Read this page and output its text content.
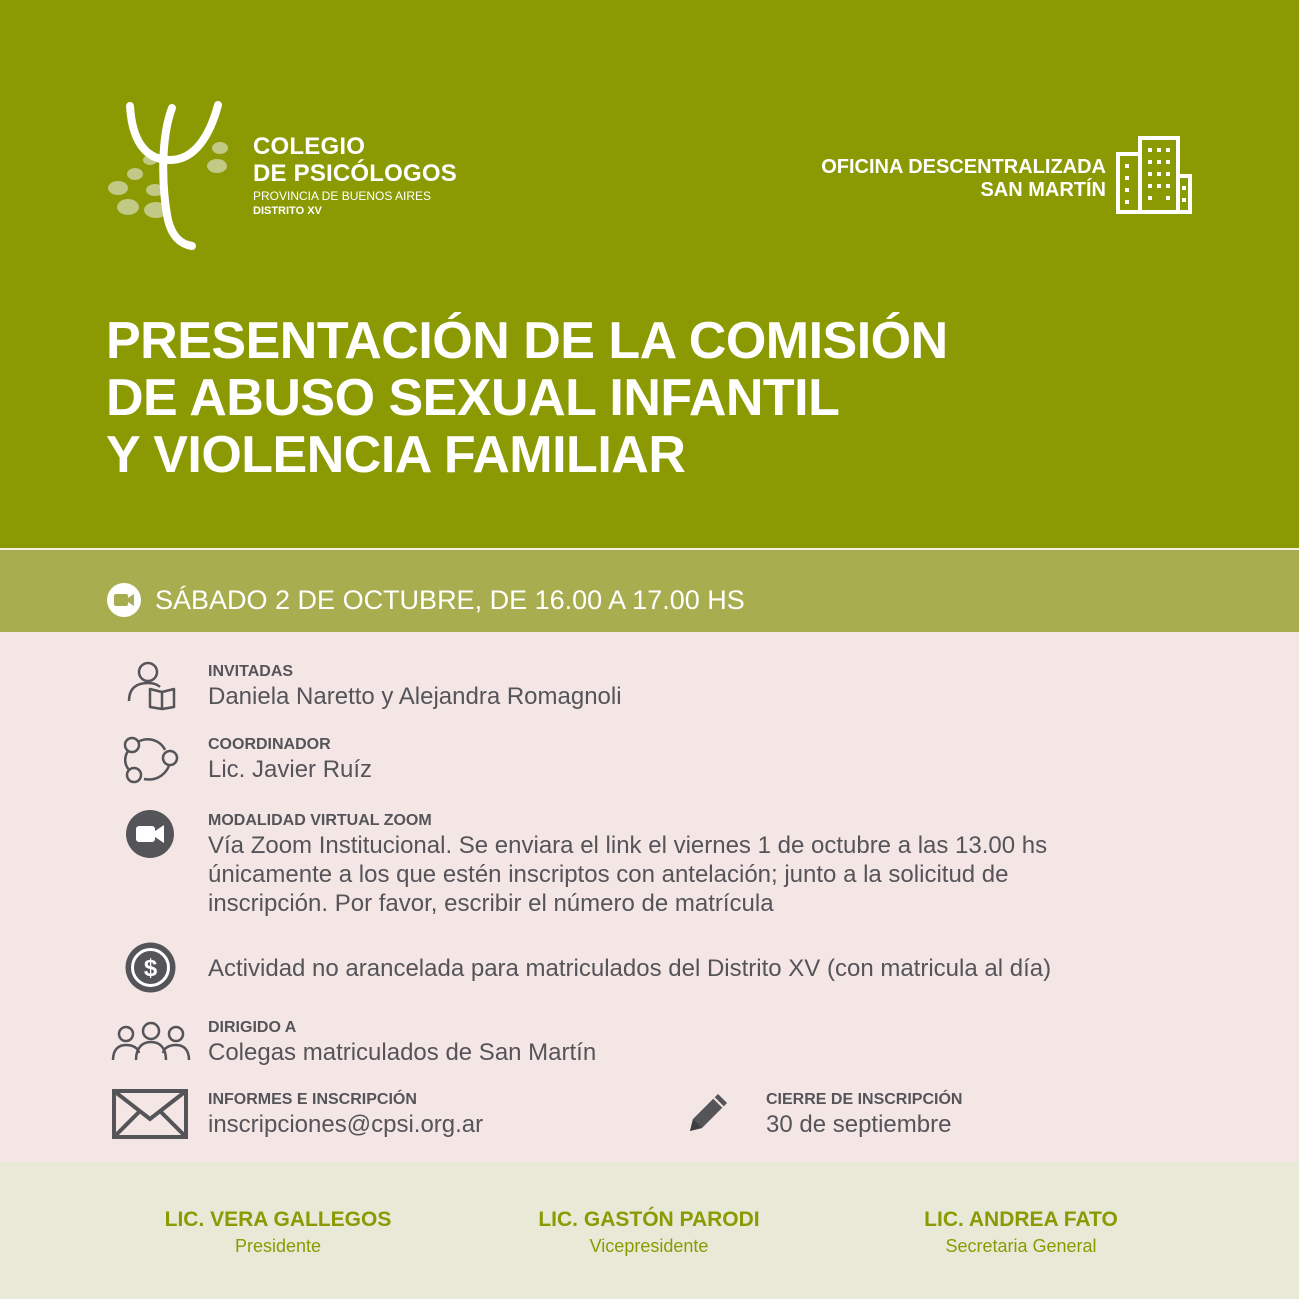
COLEGIO
DE PSICÓLOGOS
PROVINCIA DE BUENOS AIRES
DISTRITO XV
OFICINA DESCENTRALIZADA
SAN MARTÍN
PRESENTACIÓN DE LA COMISIÓN
DE ABUSO SEXUAL INFANTIL
Y VIOLENCIA FAMILIAR
SÁBADO 2 DE OCTUBRE, DE 16.00 A 17.00 HS
INVITADAS
Daniela Naretto y Alejandra Romagnoli
COORDINADOR
Lic. Javier Ruíz
MODALIDAD VIRTUAL ZOOM
Vía Zoom Institucional. Se enviara el link el viernes 1 de octubre a las 13.00 hs
únicamente a los que estén inscriptos con antelación; junto a la solicitud de
inscripción. Por favor, escribir el número de matrícula
$ Actividad no arancelada para matriculados del Distrito XV (con matricula al día)
DIRIGIDO A
Colegas matriculados de San Martín
INFORMES E INSCRIPCIÓN
inscripciones@cpsi.org.ar
CIERRE DE INSCRIPCIÓN
30 de septiembre
LIC. VERA GALLEGOS
Presidente
LIC. GASTÓN PARODI
Vicepresidente
LIC. ANDREA FATO
Secretaria General
